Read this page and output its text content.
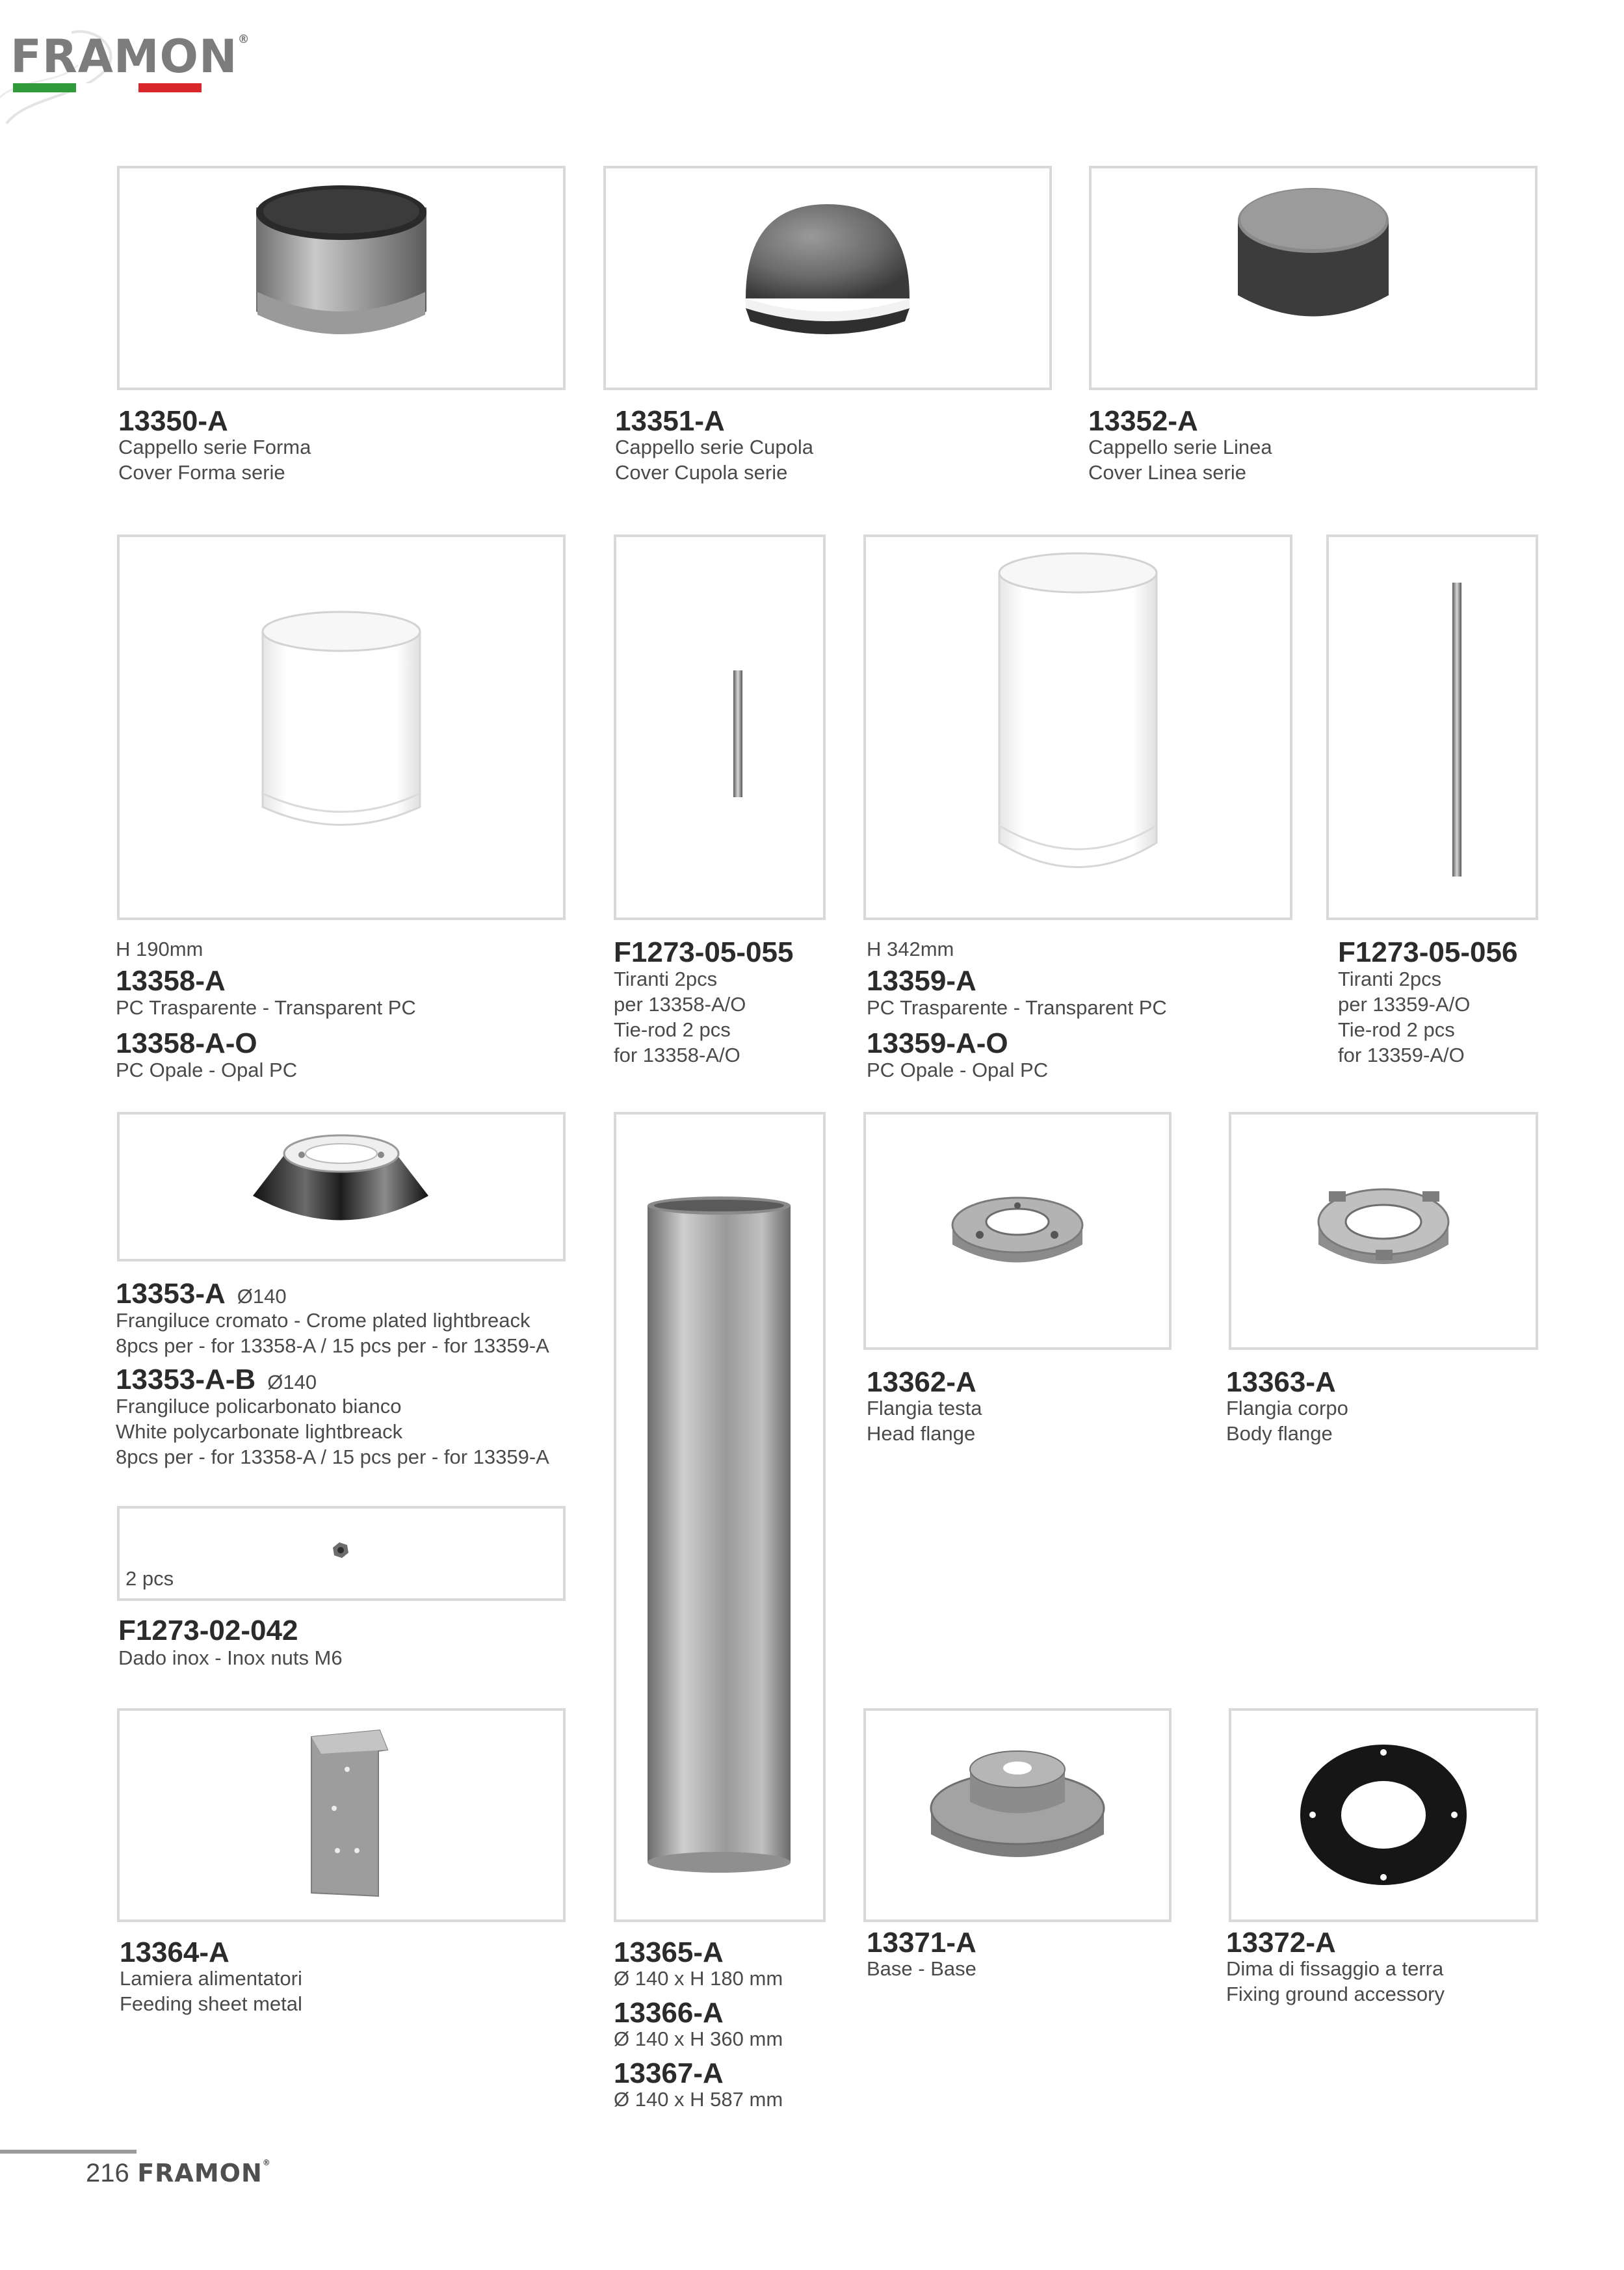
FRAMON®
13350-A
Cappello serie Forma
Cover Forma serie
13351-A
Cappello serie Cupola
Cover Cupola serie
13352-A
Cappello serie Linea
Cover Linea serie
H 190mm
13358-A
PC Trasparente - Transparent PC
13358-A-O
PC Opale - Opal PC
F1273-05-055
Tiranti 2pcs
per 13358-A/O
Tie-rod 2 pcs
for 13358-A/O
H 342mm
13359-A
PC Trasparente - Transparent PC
13359-A-O
PC Opale - Opal PC
F1273-05-056
Tiranti 2pcs
per 13359-A/O
Tie-rod 2 pcs
for 13359-A/O
13353-A Ø140
Frangiluce cromato - Crome plated lightbreack
8pcs per - for 13358-A / 15 pcs per - for 13359-A
13353-A-B Ø140
Frangiluce policarbonato bianco
White polycarbonate lightbreack
8pcs per - for 13358-A / 15 pcs per - for 13359-A
2 pcs
F1273-02-042
Dado inox - Inox nuts M6
13362-A
Flangia testa
Head flange
13363-A
Flangia corpo
Body flange
13364-A
Lamiera alimentatori
Feeding sheet metal
13365-A
Ø 140 x H 180 mm
13366-A
Ø 140 x H 360 mm
13367-A
Ø 140 x H 587 mm
13371-A
Base - Base
13372-A
Dima di fissaggio a terra
Fixing ground accessory
216 FRAMON®
